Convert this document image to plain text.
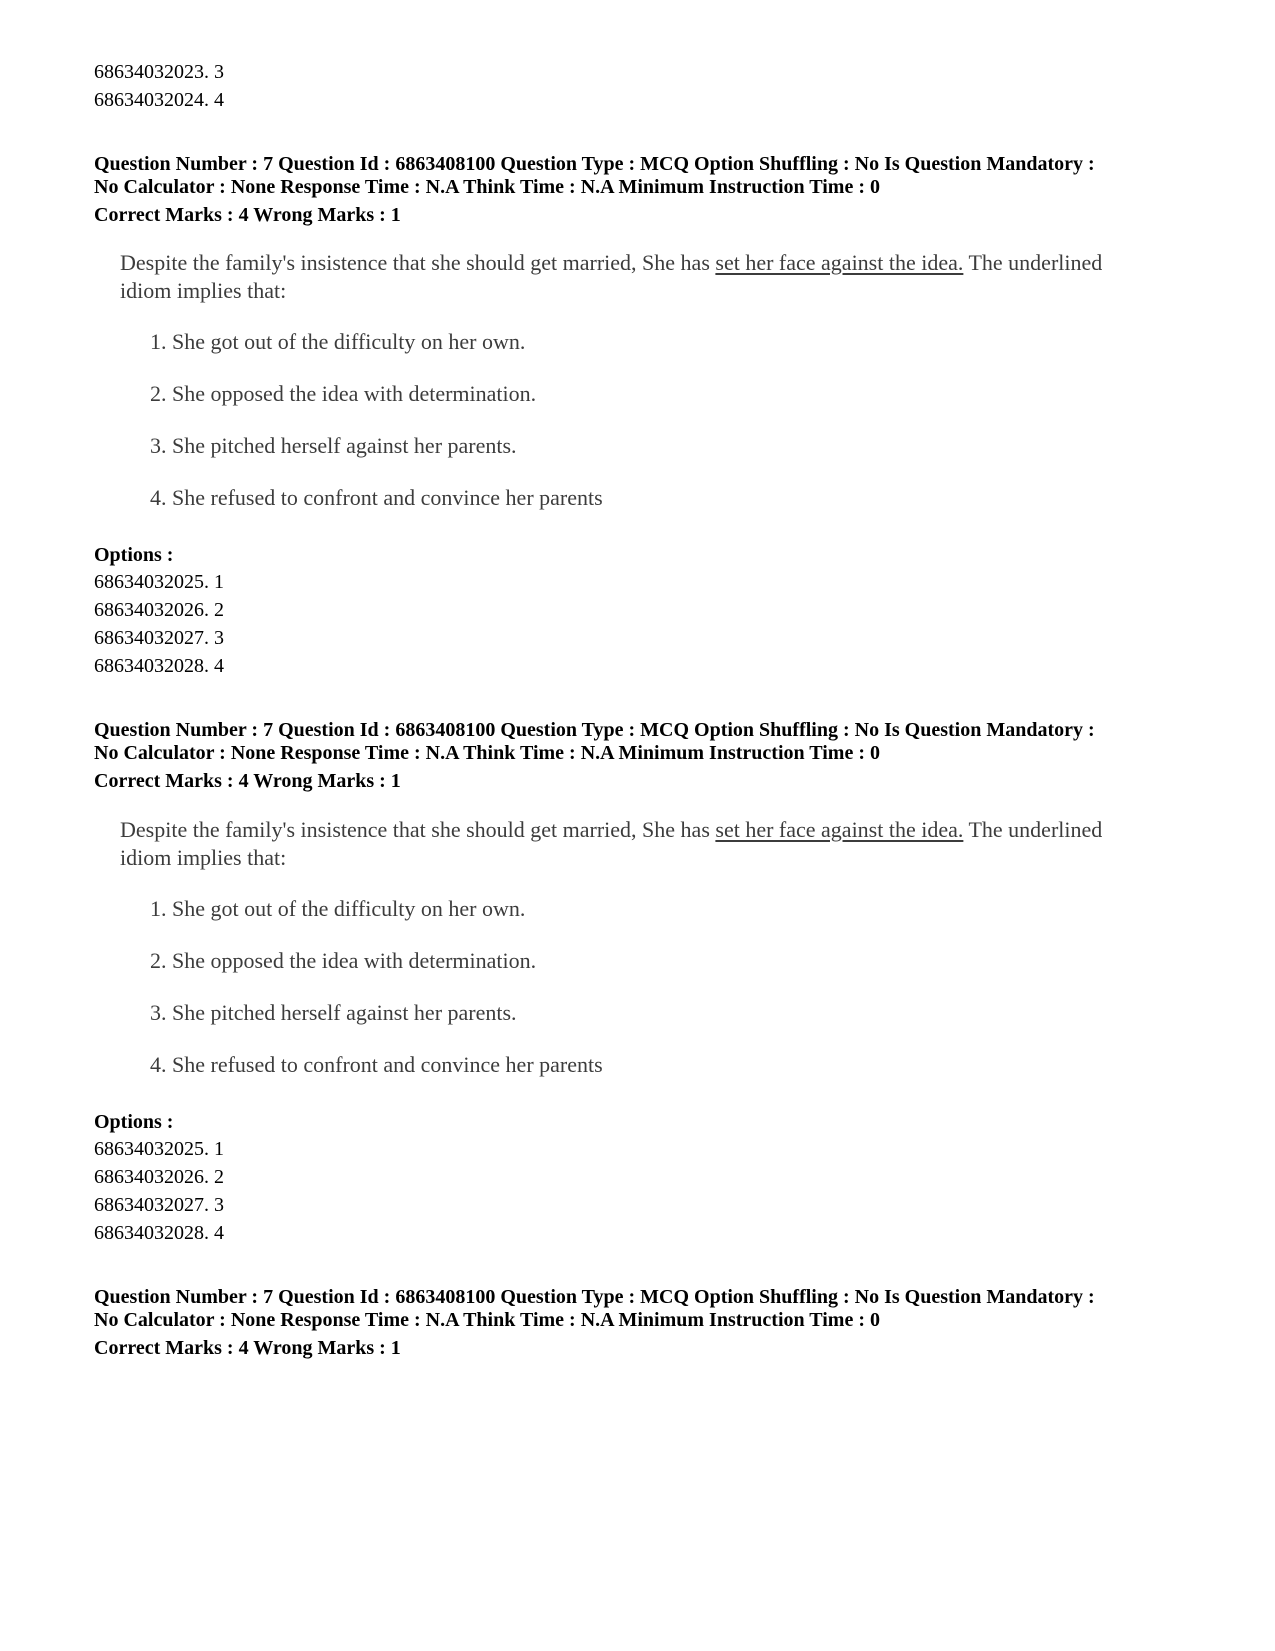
68634032023. 3
68634032024. 4
Question Number : 7 Question Id : 6863408100 Question Type : MCQ Option Shuffling : No Is Question Mandatory :
No Calculator : None Response Time : N.A Think Time : N.A Minimum Instruction Time : 0
Correct Marks : 4 Wrong Marks : 1
Despite the family's insistence that she should get married, She has set her face against the idea. The underlined idiom implies that:
1. She got out of the difficulty on her own.
2. She opposed the idea with determination.
3. She pitched herself against her parents.
4. She refused to confront and convince her parents
Options :
68634032025. 1
68634032026. 2
68634032027. 3
68634032028. 4
Question Number : 7 Question Id : 6863408100 Question Type : MCQ Option Shuffling : No Is Question Mandatory :
No Calculator : None Response Time : N.A Think Time : N.A Minimum Instruction Time : 0
Correct Marks : 4 Wrong Marks : 1
Despite the family's insistence that she should get married, She has set her face against the idea. The underlined idiom implies that:
1. She got out of the difficulty on her own.
2. She opposed the idea with determination.
3. She pitched herself against her parents.
4. She refused to confront and convince her parents
Options :
68634032025. 1
68634032026. 2
68634032027. 3
68634032028. 4
Question Number : 7 Question Id : 6863408100 Question Type : MCQ Option Shuffling : No Is Question Mandatory :
No Calculator : None Response Time : N.A Think Time : N.A Minimum Instruction Time : 0
Correct Marks : 4 Wrong Marks : 1
